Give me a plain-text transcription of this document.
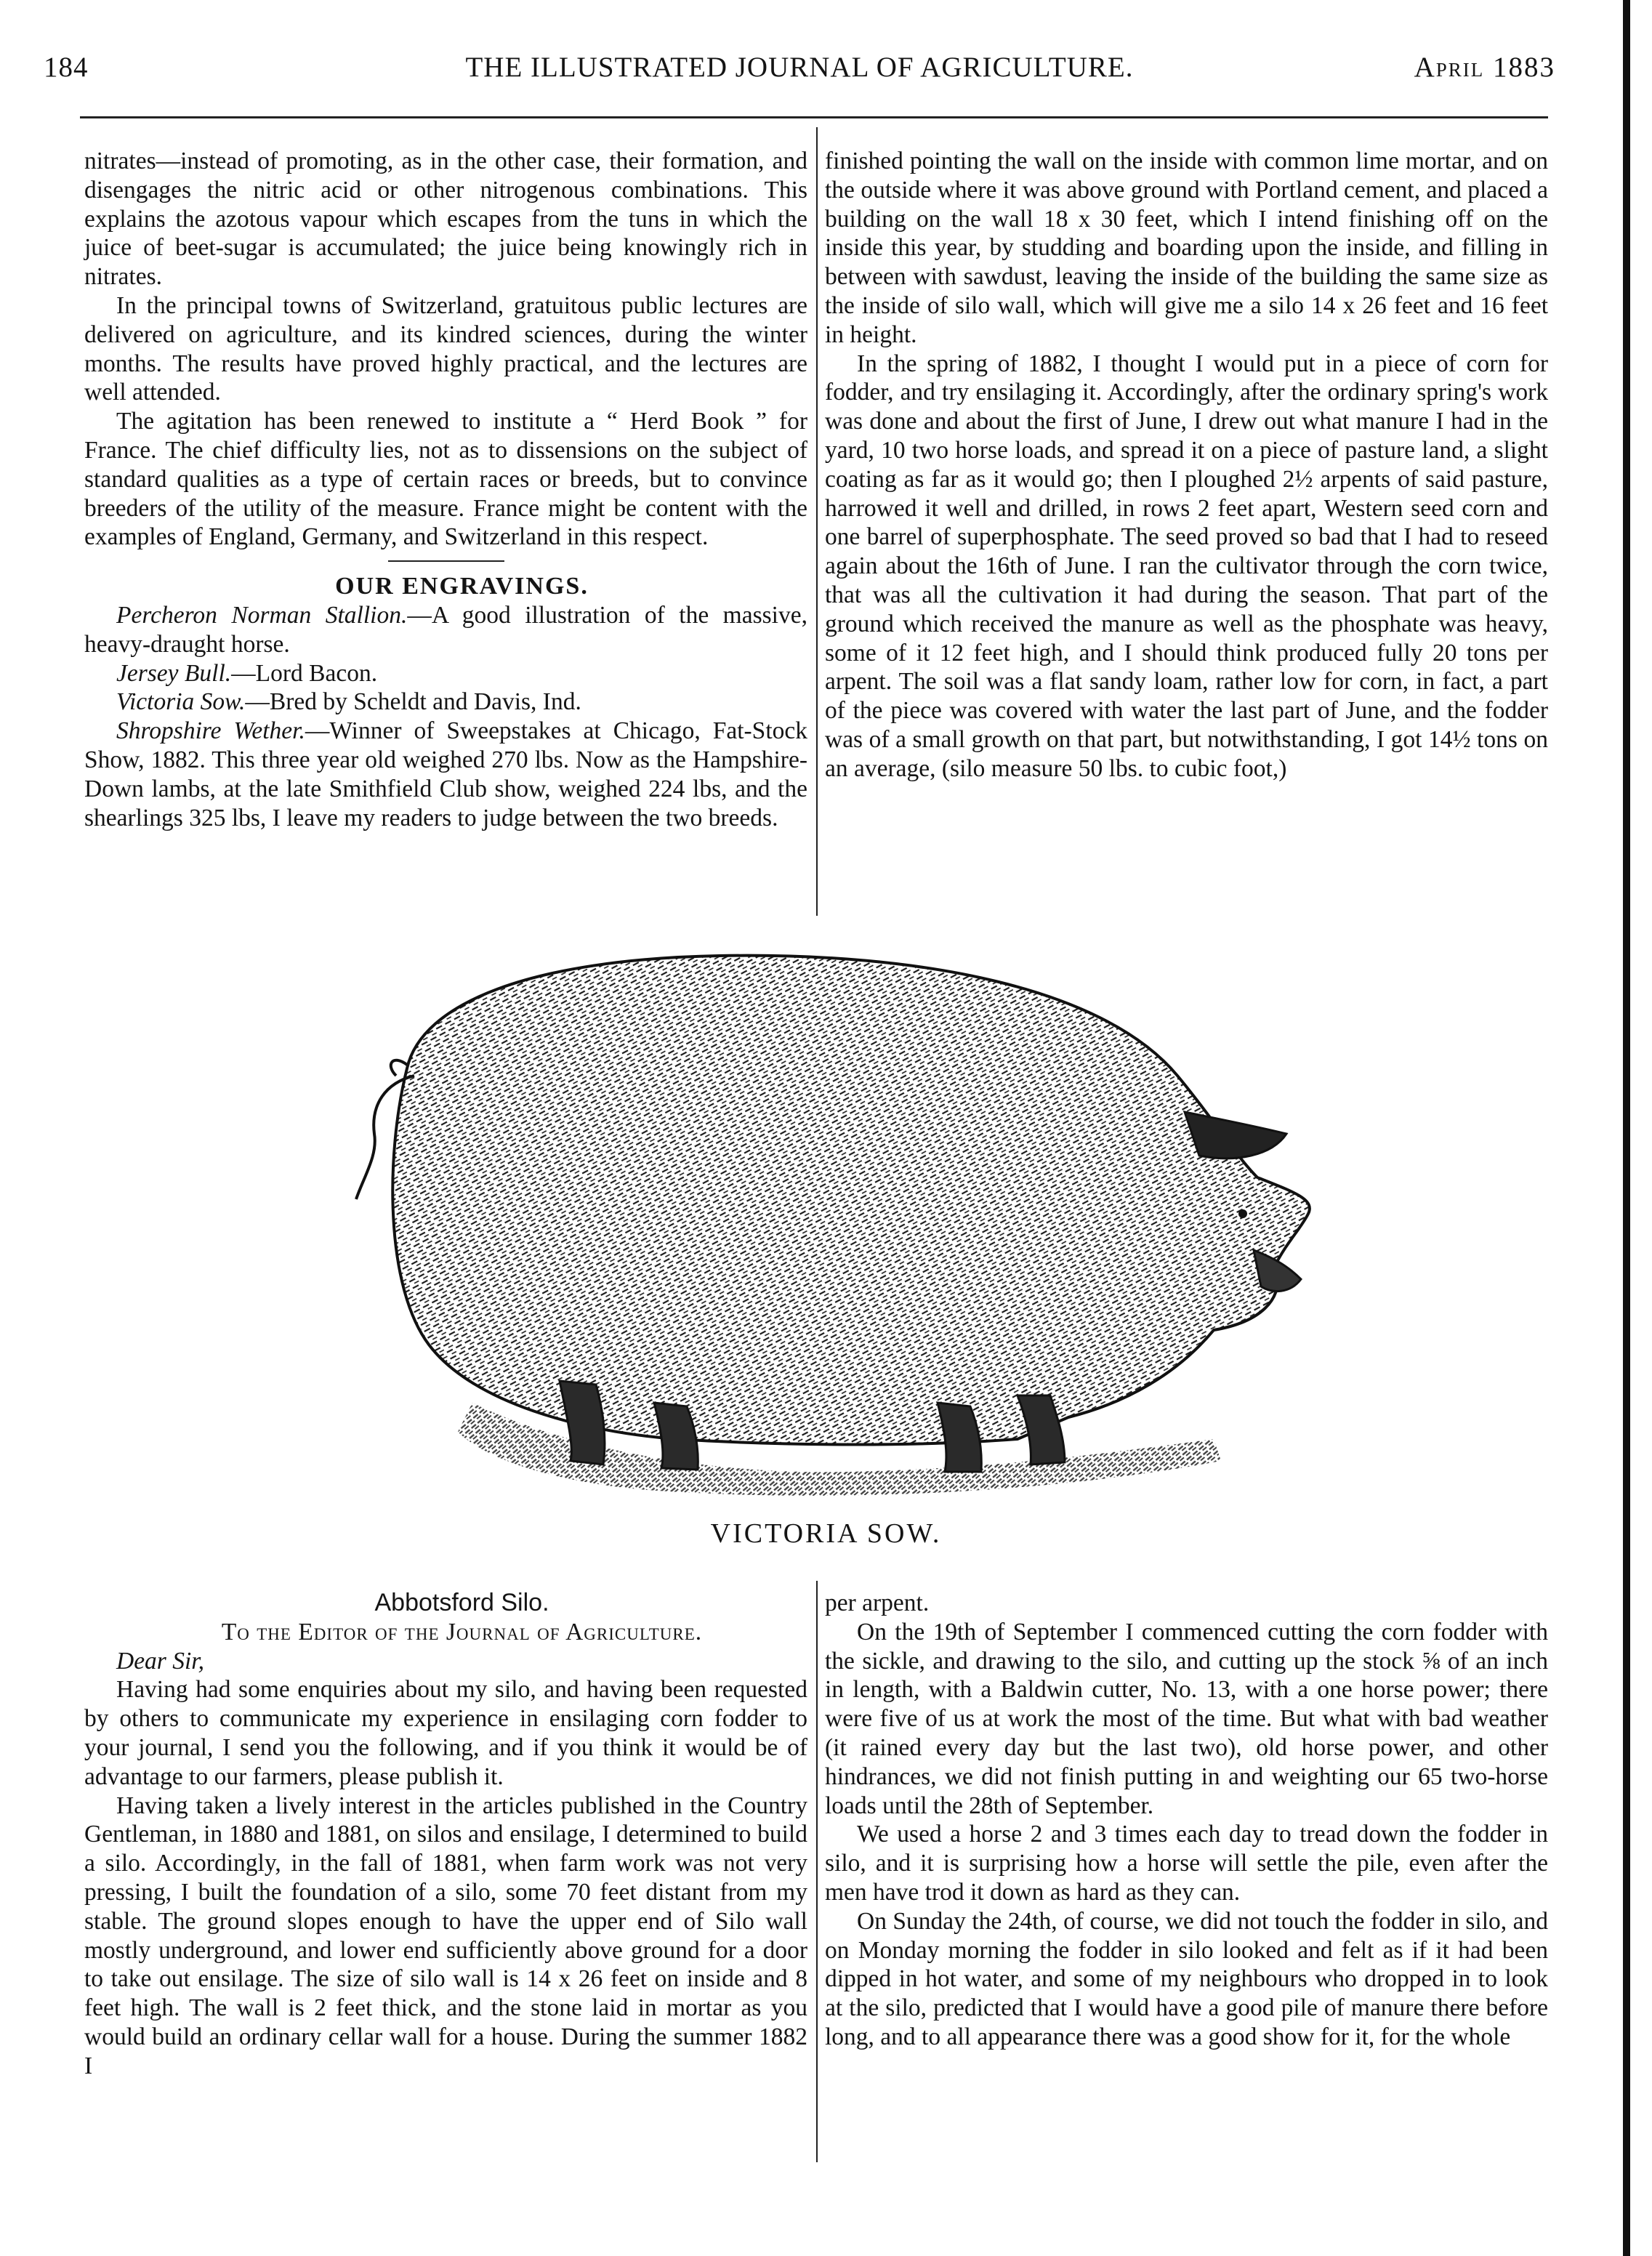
184	THE ILLUSTRATED JOURNAL OF AGRICULTURE.	April 1883

nitrates—instead of promoting, as in the other case, their formation, and disengages the nitric acid or other nitrogenous combinations. This explains the azotous vapour which escapes from the tuns in which the juice of beet-sugar is accumulated; the juice being knowingly rich in nitrates.

In the principal towns of Switzerland, gratuitous public lectures are delivered on agriculture, and its kindred sciences, during the winter months. The results have proved highly practical, and the lectures are well attended.

The agitation has been renewed to institute a “ Herd Book ” for France. The chief difficulty lies, not as to dissensions on the subject of standard qualities as a type of certain races or breeds, but to convince breeders of the utility of the measure. France might be content with the examples of England, Germany, and Switzerland in this respect.

OUR ENGRAVINGS.

Percheron Norman Stallion.—A good illustration of the massive, heavy-draught horse.

Jersey Bull.—Lord Bacon.

Victoria Sow.—Bred by Scheldt and Davis, Ind.

Shropshire Wether.—Winner of Sweepstakes at Chicago, Fat-Stock Show, 1882. This three year old weighed 270 lbs. Now as the Hampshire-Down lambs, at the late Smithfield Club show, weighed 224 lbs, and the shearlings 325 lbs, I leave my readers to judge between the two breeds.

finished pointing the wall on the inside with common lime mortar, and on the outside where it was above ground with Portland cement, and placed a building on the wall 18 x 30 feet, which I intend finishing off on the inside this year, by studding and boarding upon the inside, and filling in between with sawdust, leaving the inside of the building the same size as the inside of silo wall, which will give me a silo 14 x 26 feet and 16 feet in height.

In the spring of 1882, I thought I would put in a piece of corn for fodder, and try ensilaging it. Accordingly, after the ordinary spring's work was done and about the first of June, I drew out what manure I had in the yard, 10 two horse loads, and spread it on a piece of pasture land, a slight coating as far as it would go; then I ploughed 2½ arpents of said pasture, harrowed it well and drilled, in rows 2 feet apart, Western seed corn and one barrel of superphosphate. The seed proved so bad that I had to reseed again about the 16th of June. I ran the cultivator through the corn twice, that was all the cultivation it had during the season. That part of the ground which received the manure as well as the phosphate was heavy, some of it 12 feet high, and I should think produced fully 20 tons per arpent. The soil was a flat sandy loam, rather low for corn, in fact, a part of the piece was covered with water the last part of June, and the fodder was of a small growth on that part, but notwithstanding, I got 14½ tons on an average, (silo measure 50 lbs. to cubic foot,)

VICTORIA SOW.

Abbotsford Silo.

To the Editor of the Journal of Agriculture.

Dear Sir,

Having had some enquiries about my silo, and having been requested by others to communicate my experience in ensilaging corn fodder to your journal, I send you the following, and if you think it would be of advantage to our farmers, please publish it.

Having taken a lively interest in the articles published in the Country Gentleman, in 1880 and 1881, on silos and ensilage, I determined to build a silo. Accordingly, in the fall of 1881, when farm work was not very pressing, I built the foundation of a silo, some 70 feet distant from my stable. The ground slopes enough to have the upper end of Silo wall mostly underground, and lower end sufficiently above ground for a door to take out ensilage. The size of silo wall is 14 x 26 feet on inside and 8 feet high. The wall is 2 feet thick, and the stone laid in mortar as you would build an ordinary cellar wall for a house. During the summer 1882 I

per arpent.

On the 19th of September I commenced cutting the corn fodder with the sickle, and drawing to the silo, and cutting up the stock ⅝ of an inch in length, with a Baldwin cutter, No. 13, with a one horse power; there were five of us at work the most of the time. But what with bad weather (it rained every day but the last two), old horse power, and other hindrances, we did not finish putting in and weighting our 65 two-horse loads until the 28th of September.

We used a horse 2 and 3 times each day to tread down the fodder in silo, and it is surprising how a horse will settle the pile, even after the men have trod it down as hard as they can.

On Sunday the 24th, of course, we did not touch the fodder in silo, and on Monday morning the fodder in silo looked and felt as if it had been dipped in hot water, and some of my neighbours who dropped in to look at the silo, predicted that I would have a good pile of manure there before long, and to all appearance there was a good show for it, for the whole
